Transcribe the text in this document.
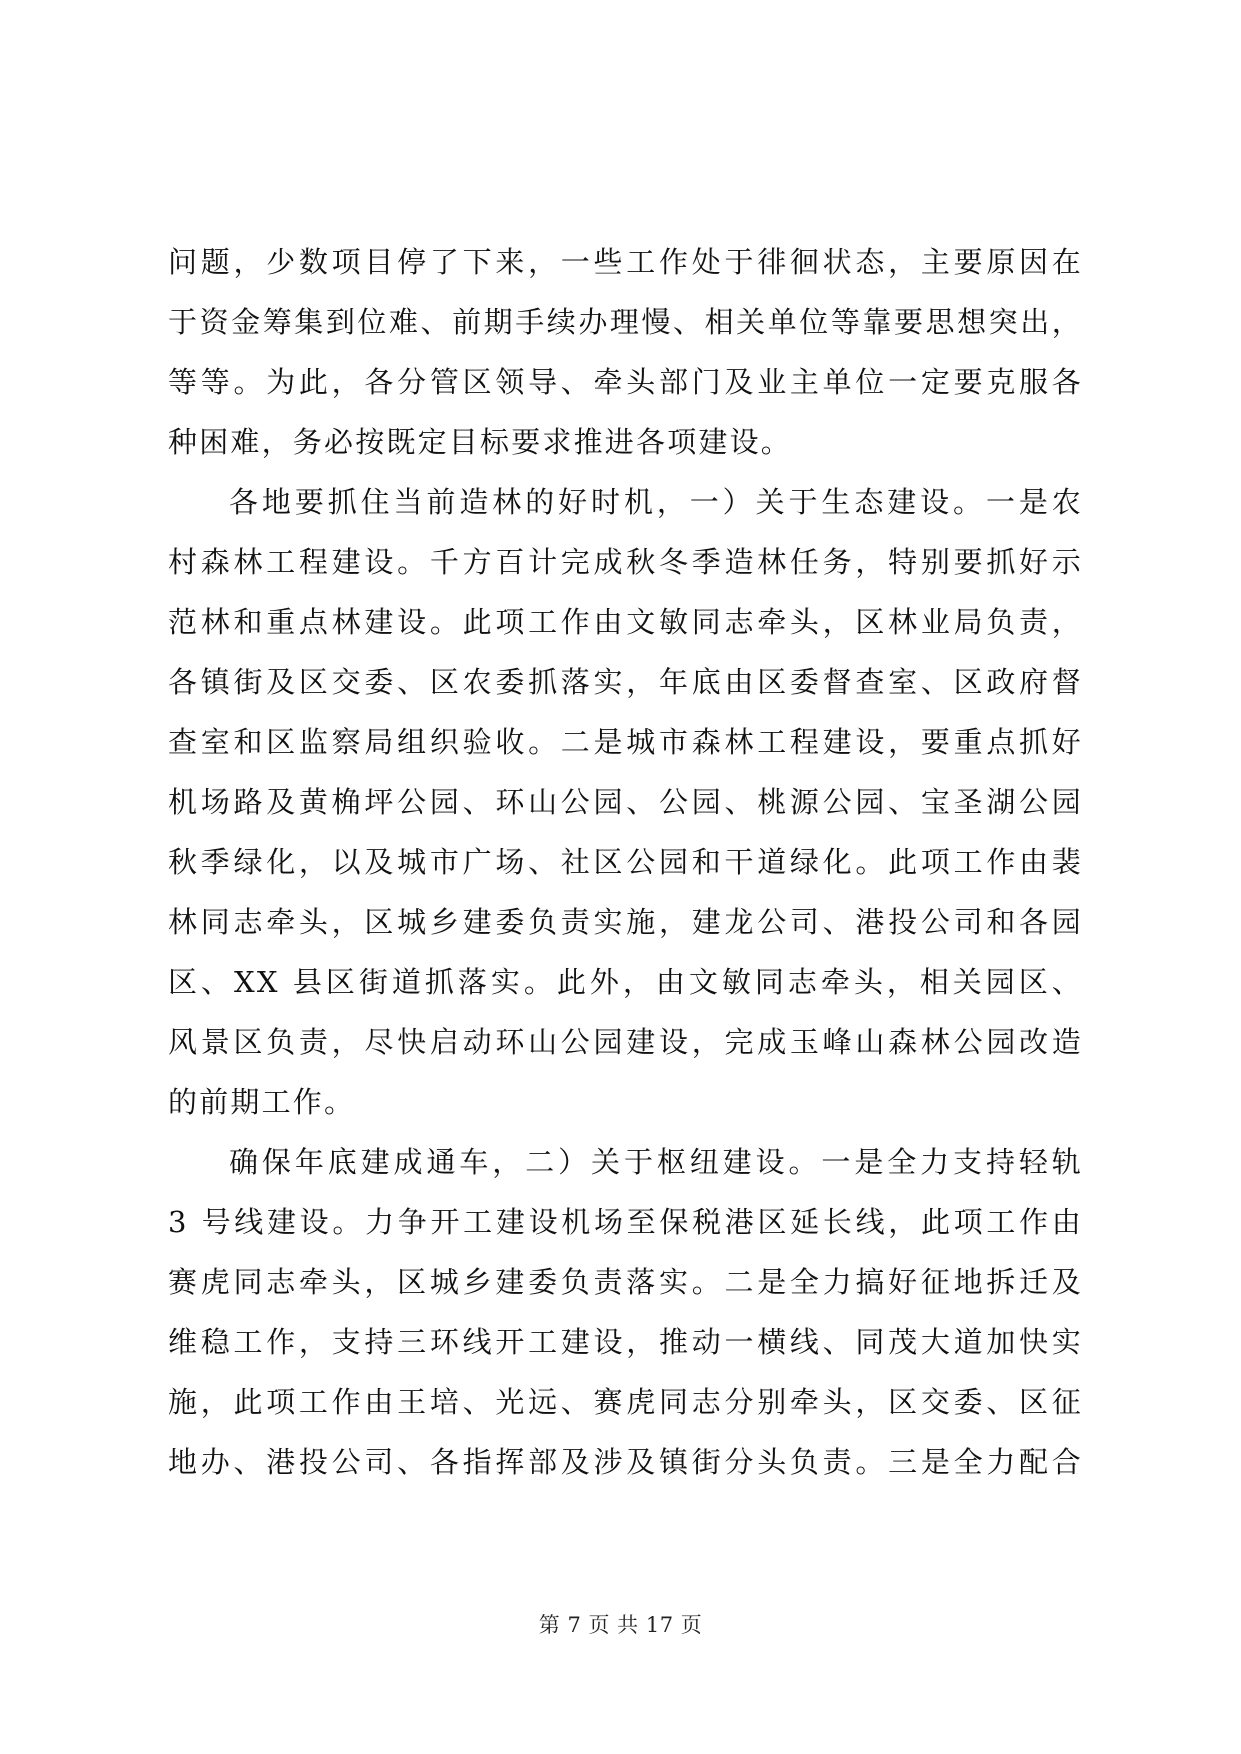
问题，少数项目停了下来，一些工作处于徘徊状态，主要原因在
于资金筹集到位难、前期手续办理慢、相关单位等靠要思想突出，
等等。为此，各分管区领导、牵头部门及业主单位一定要克服各
种困难，务必按既定目标要求推进各项建设。
各地要抓住当前造林的好时机，一）关于生态建设。一是农
村森林工程建设。千方百计完成秋冬季造林任务，特别要抓好示
范林和重点林建设。此项工作由文敏同志牵头，区林业局负责，
各镇街及区交委、区农委抓落实，年底由区委督查室、区政府督
查室和区监察局组织验收。二是城市森林工程建设，要重点抓好
机场路及黄桷坪公园、环山公园、公园、桃源公园、宝圣湖公园
秋季绿化，以及城市广场、社区公园和干道绿化。此项工作由裴
林同志牵头，区城乡建委负责实施，建龙公司、港投公司和各园
区、XX 县区街道抓落实。此外，由文敏同志牵头，相关园区、
风景区负责，尽快启动环山公园建设，完成玉峰山森林公园改造
的前期工作。
确保年底建成通车，二）关于枢纽建设。一是全力支持轻轨
3 号线建设。力争开工建设机场至保税港区延长线，此项工作由
赛虎同志牵头，区城乡建委负责落实。二是全力搞好征地拆迁及
维稳工作，支持三环线开工建设，推动一横线、同茂大道加快实
施，此项工作由王培、光远、赛虎同志分别牵头，区交委、区征
地办、港投公司、各指挥部及涉及镇街分头负责。三是全力配合
第 7 页 共 17 页
